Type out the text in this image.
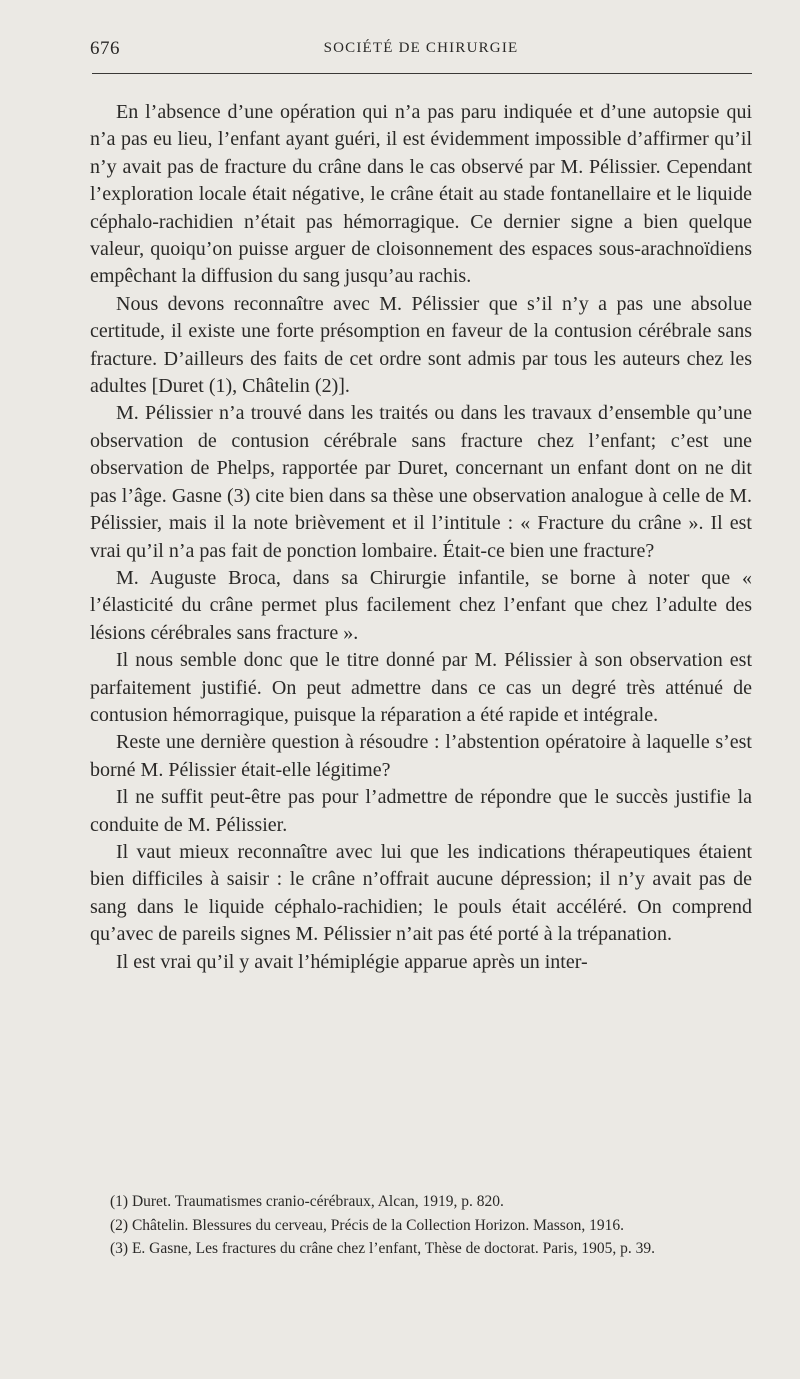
676	SOCIÉTÉ DE CHIRURGIE

En l’absence d’une opération qui n’a pas paru indiquée et d’une autopsie qui n’a pas eu lieu, l’enfant ayant guéri, il est évidemment impossible d’affirmer qu’il n’y avait pas de fracture du crâne dans le cas observé par M. Pélissier. Cependant l’exploration locale était négative, le crâne était au stade fontanellaire et le liquide céphalo-rachidien n’était pas hémorragique. Ce dernier signe a bien quelque valeur, quoiqu’on puisse arguer de cloisonnement des espaces sous-arachnoïdiens empêchant la diffusion du sang jusqu’au rachis.

Nous devons reconnaître avec M. Pélissier que s’il n’y a pas une absolue certitude, il existe une forte présomption en faveur de la contusion cérébrale sans fracture. D’ailleurs des faits de cet ordre sont admis par tous les auteurs chez les adultes [Duret (1), Châtelin (2)].

M. Pélissier n’a trouvé dans les traités ou dans les travaux d’ensemble qu’une observation de contusion cérébrale sans fracture chez l’enfant; c’est une observation de Phelps, rapportée par Duret, concernant un enfant dont on ne dit pas l’âge. Gasne (3) cite bien dans sa thèse une observation analogue à celle de M. Pélissier, mais il la note brièvement et il l’intitule : « Fracture du crâne ». Il est vrai qu’il n’a pas fait de ponction lombaire. Était-ce bien une fracture?

M. Auguste Broca, dans sa Chirurgie infantile, se borne à noter que « l’élasticité du crâne permet plus facilement chez l’enfant que chez l’adulte des lésions cérébrales sans fracture ».

Il nous semble donc que le titre donné par M. Pélissier à son observation est parfaitement justifié. On peut admettre dans ce cas un degré très atténué de contusion hémorragique, puisque la réparation a été rapide et intégrale.

Reste une dernière question à résoudre : l’abstention opératoire à laquelle s’est borné M. Pélissier était-elle légitime?

Il ne suffit peut-être pas pour l’admettre de répondre que le succès justifie la conduite de M. Pélissier.

Il vaut mieux reconnaître avec lui que les indications thérapeutiques étaient bien difficiles à saisir : le crâne n’offrait aucune dépression; il n’y avait pas de sang dans le liquide céphalo-rachidien; le pouls était accéléré. On comprend qu’avec de pareils signes M. Pélissier n’ait pas été porté à la trépanation.

Il est vrai qu’il y avait l’hémiplégie apparue après un inter-

(1) Duret. Traumatismes cranio-cérébraux, Alcan, 1919, p. 820.

(2) Châtelin. Blessures du cerveau, Précis de la Collection Horizon. Masson, 1916.

(3) E. Gasne, Les fractures du crâne chez l’enfant, Thèse de doctorat. Paris, 1905, p. 39.
